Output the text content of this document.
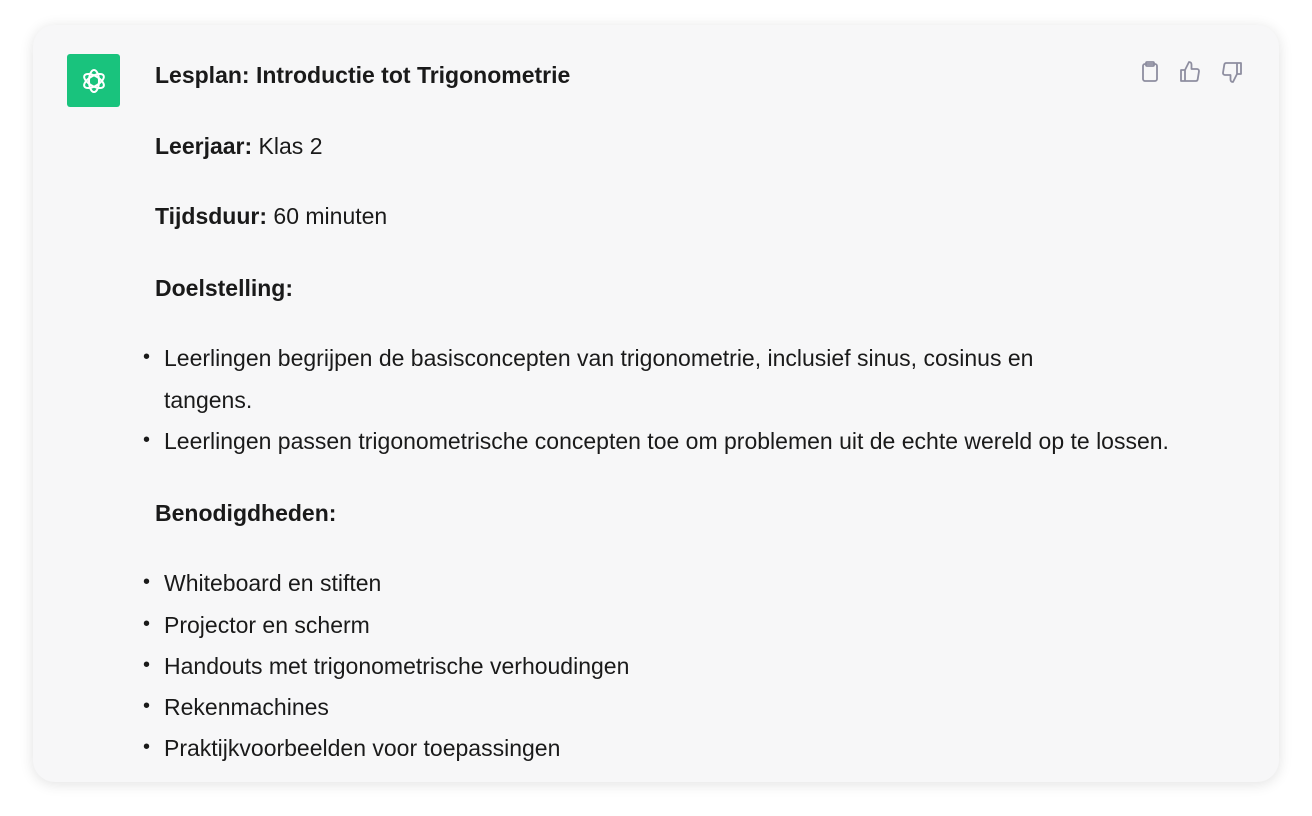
Lesplan: Introductie tot Trigonometrie
Leerjaar: Klas 2
Tijdsduur: 60 minuten
Doelstelling:
• Leerlingen begrijpen de basisconcepten van trigonometrie, inclusief sinus, cosinus en
tangens.
• Leerlingen passen trigonometrische concepten toe om problemen uit de echte wereld op te lossen.
Benodigdheden:
• Whiteboard en stiften
• Projector en scherm
• Handouts met trigonometrische verhoudingen
• Rekenmachines
• Praktijkvoorbeelden voor toepassingen
